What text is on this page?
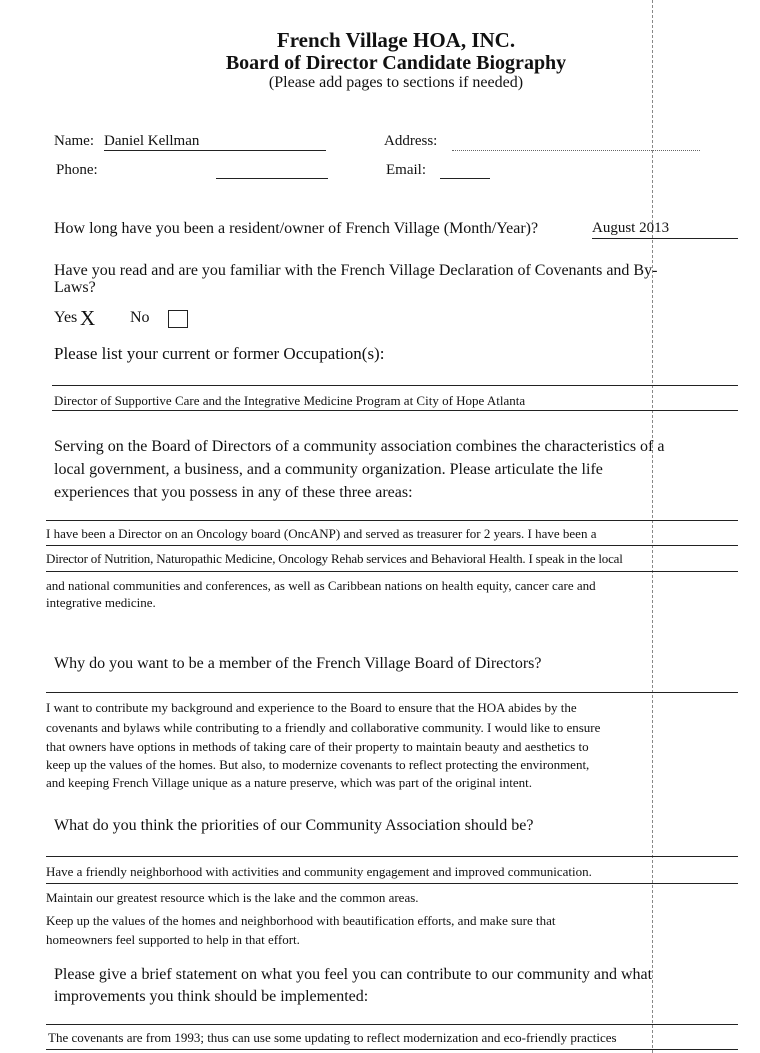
French Village HOA, INC.
Board of Director Candidate Biography
(Please add pages to sections if needed)
Name: Daniel Kellman	Address:
Phone:	Email:
How long have you been a resident/owner of French Village (Month/Year)?	August 2013
Have you read and are you familiar with the French Village Declaration of Covenants and By-
Laws?
Yes X No
Please list your current or former Occupation(s):
Director of Supportive Care and the Integrative Medicine Program at City of Hope Atlanta
Serving on the Board of Directors of a community association combines the characteristics of a
local government, a business, and a community organization. Please articulate the life
experiences that you possess in any of these three areas:
I have been a Director on an Oncology board (OncANP) and served as treasurer for 2 years. I have been a
Director of Nutrition, Naturopathic Medicine, Oncology Rehab services and Behavioral Health. I speak in the local
and national communities and conferences, as well as Caribbean nations on health equity, cancer care and
integrative medicine.
Why do you want to be a member of the French Village Board of Directors?
I want to contribute my background and experience to the Board to ensure that the HOA abides by the
covenants and bylaws while contributing to a friendly and collaborative community. I would like to ensure
that owners have options in methods of taking care of their property to maintain beauty and aesthetics to
keep up the values of the homes. But also, to modernize covenants to reflect protecting the environment,
and keeping French Village unique as a nature preserve, which was part of the original intent.
What do you think the priorities of our Community Association should be?
Have a friendly neighborhood with activities and community engagement and improved communication.
Maintain our greatest resource which is the lake and the common areas.
Keep up the values of the homes and neighborhood with beautification efforts, and make sure that
homeowners feel supported to help in that effort.
Please give a brief statement on what you feel you can contribute to our community and what
improvements you think should be implemented:
The covenants are from 1993; thus can use some updating to reflect modernization and eco-friendly practices
